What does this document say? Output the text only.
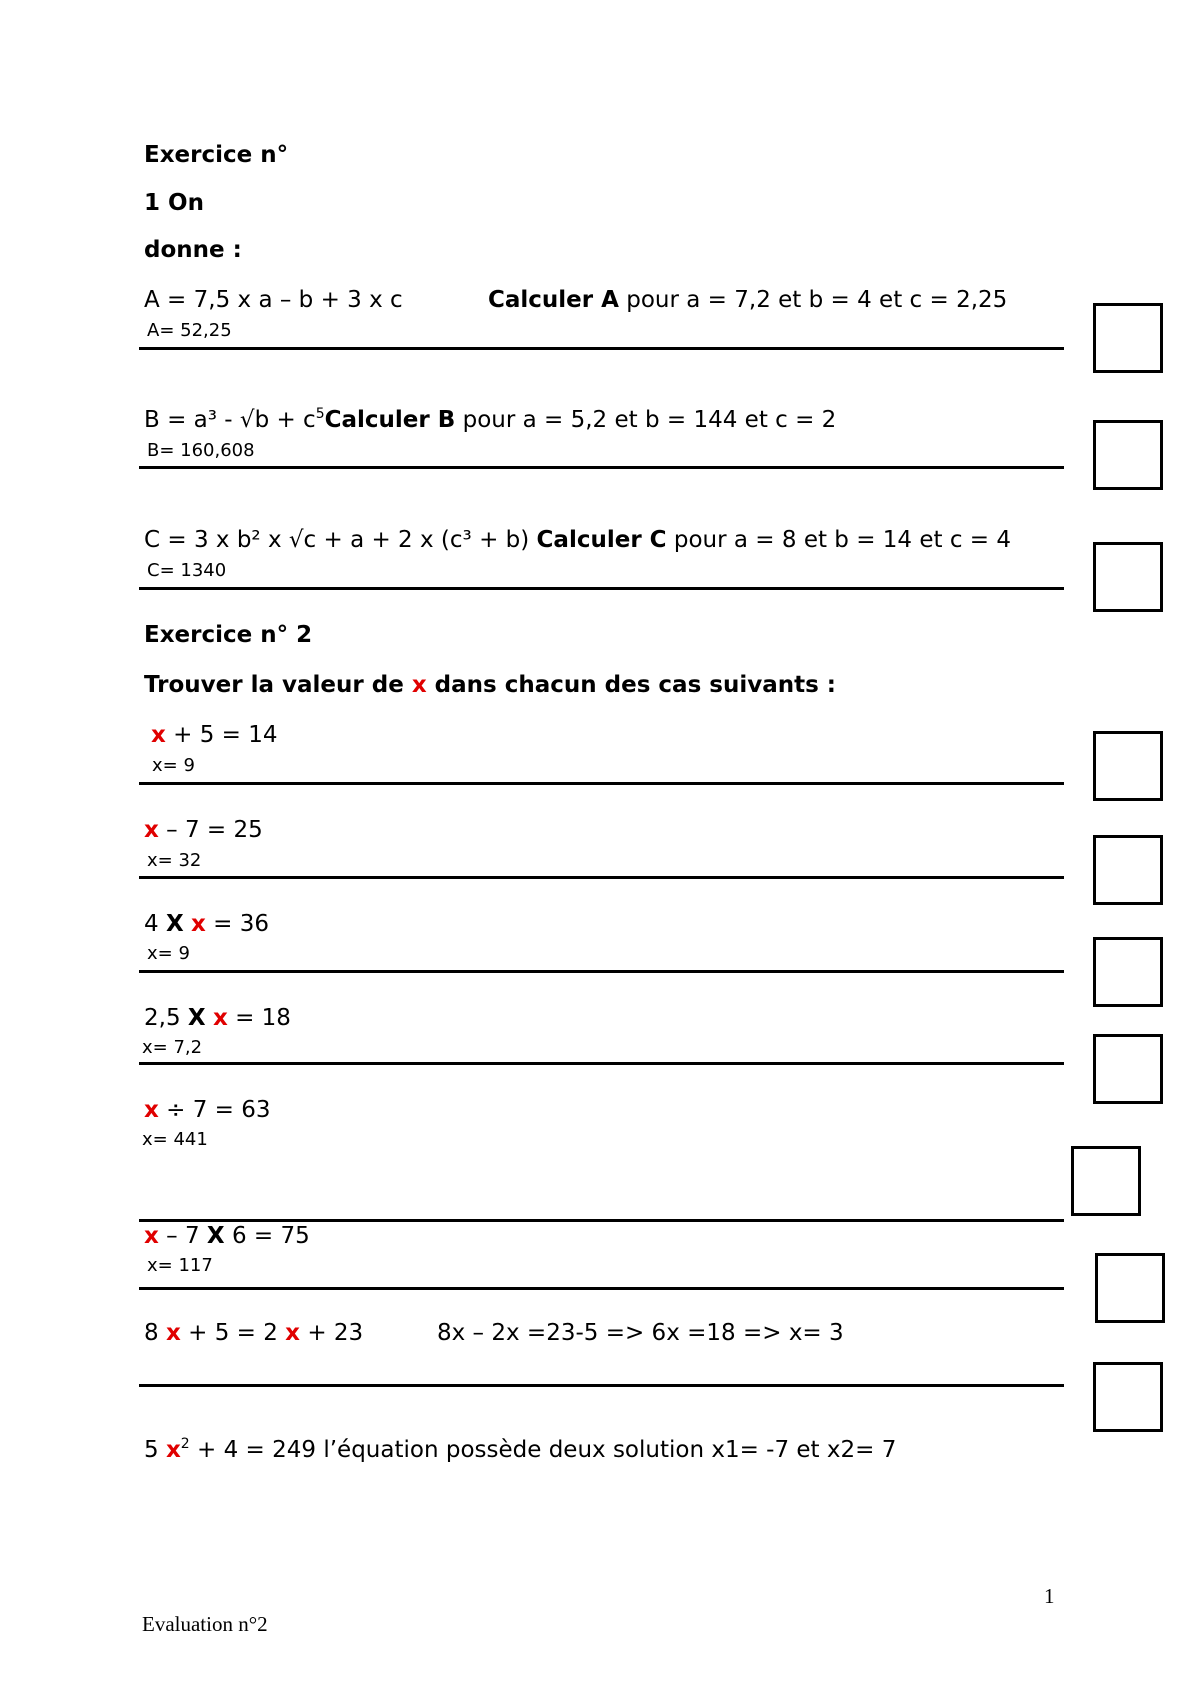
Exercice n°
1 On
donne :
A = 7,5 x a – b + 3 x c	Calculer A pour a = 7,2 et b = 4 et c = 2,25
A= 52,25
$B = a^3 - √b + c^5Calculer$ B pour a = 5,2 et b = 144 et c = 2
B= 160,608
C = 3 x b² x √c + a + 2 x (c³ + b) Calculer C pour a = 8 et b = 14 et c = 4
C= 1340
Exercice n° 2
Trouver la valeur de x dans chacun des cas suivants :
x + 5 = 14
x= 9
x – 7 = 25
x= 32
4 X x = 36
x= 9
2,5 X x = 18
x= 7,2
x ÷ 7 = 63
x= 441
x – 7 X 6 = 75
x= 117
8 x + 5 = 2 x + 23	8x – 2x =23-5 => 6x =18 => x= 3
5 $x^2 + 4 = 249$ l’équation possède deux solution x1= -7 et x2= 7
1
Evaluation n°2
